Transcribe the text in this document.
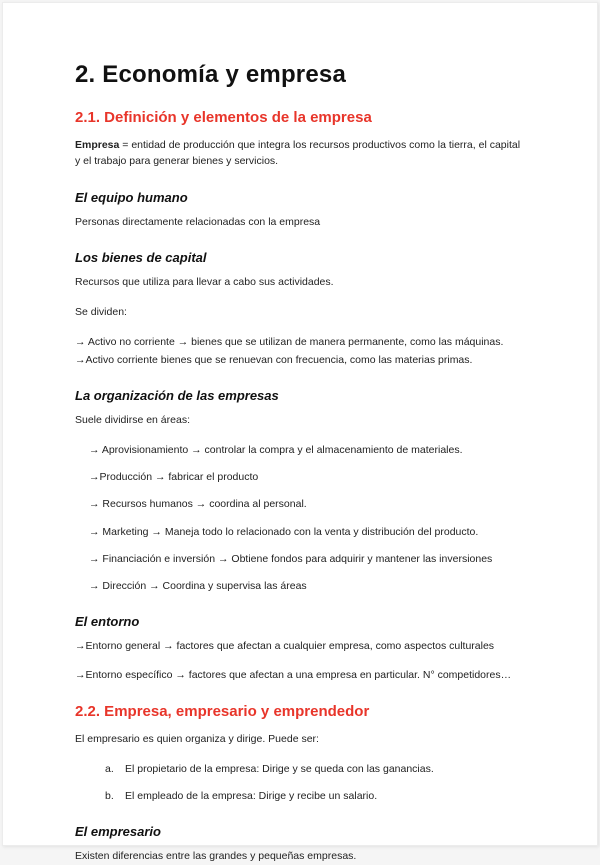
2. Economía y empresa
2.1. Definición y elementos de la empresa

Empresa = entidad de producción que integra los recursos productivos como la tierra, el capital y el trabajo para generar bienes y servicios.

El equipo humano

Personas directamente relacionadas con la empresa

Los bienes de capital

Recursos que utiliza para llevar a cabo sus actividades.

Se dividen:

→ Activo no corriente → bienes que se utilizan de manera permanente, como las máquinas.

→Activo corriente bienes que se renuevan con frecuencia, como las materias primas.

La organización de las empresas

Suele dividirse en áreas:

→ Aprovisionamiento → controlar la compra y el almacenamiento de materiales.
→Producción → fabricar el producto
→ Recursos humanos → coordina al personal.
→ Marketing → Maneja todo lo relacionado con la venta y distribución del producto.
→ Financiación e inversión → Obtiene fondos para adquirir y mantener las inversiones
→ Dirección → Coordina y supervisa las áreas
El entorno
→Entorno general → factores que afectan a cualquier empresa, como aspectos culturales
→Entorno específico → factores que afectan a una empresa en particular. N° competidores…
2.2. Empresa, empresario y emprendedor

El empresario es quien organiza y dirige. Puede ser:

a.	El propietario de la empresa: Dirige y se queda con las ganancias.
b.	El empleado de la empresa: Dirige y recibe un salario.
El empresario

Existen diferencias entre las grandes y pequeñas empresas.
